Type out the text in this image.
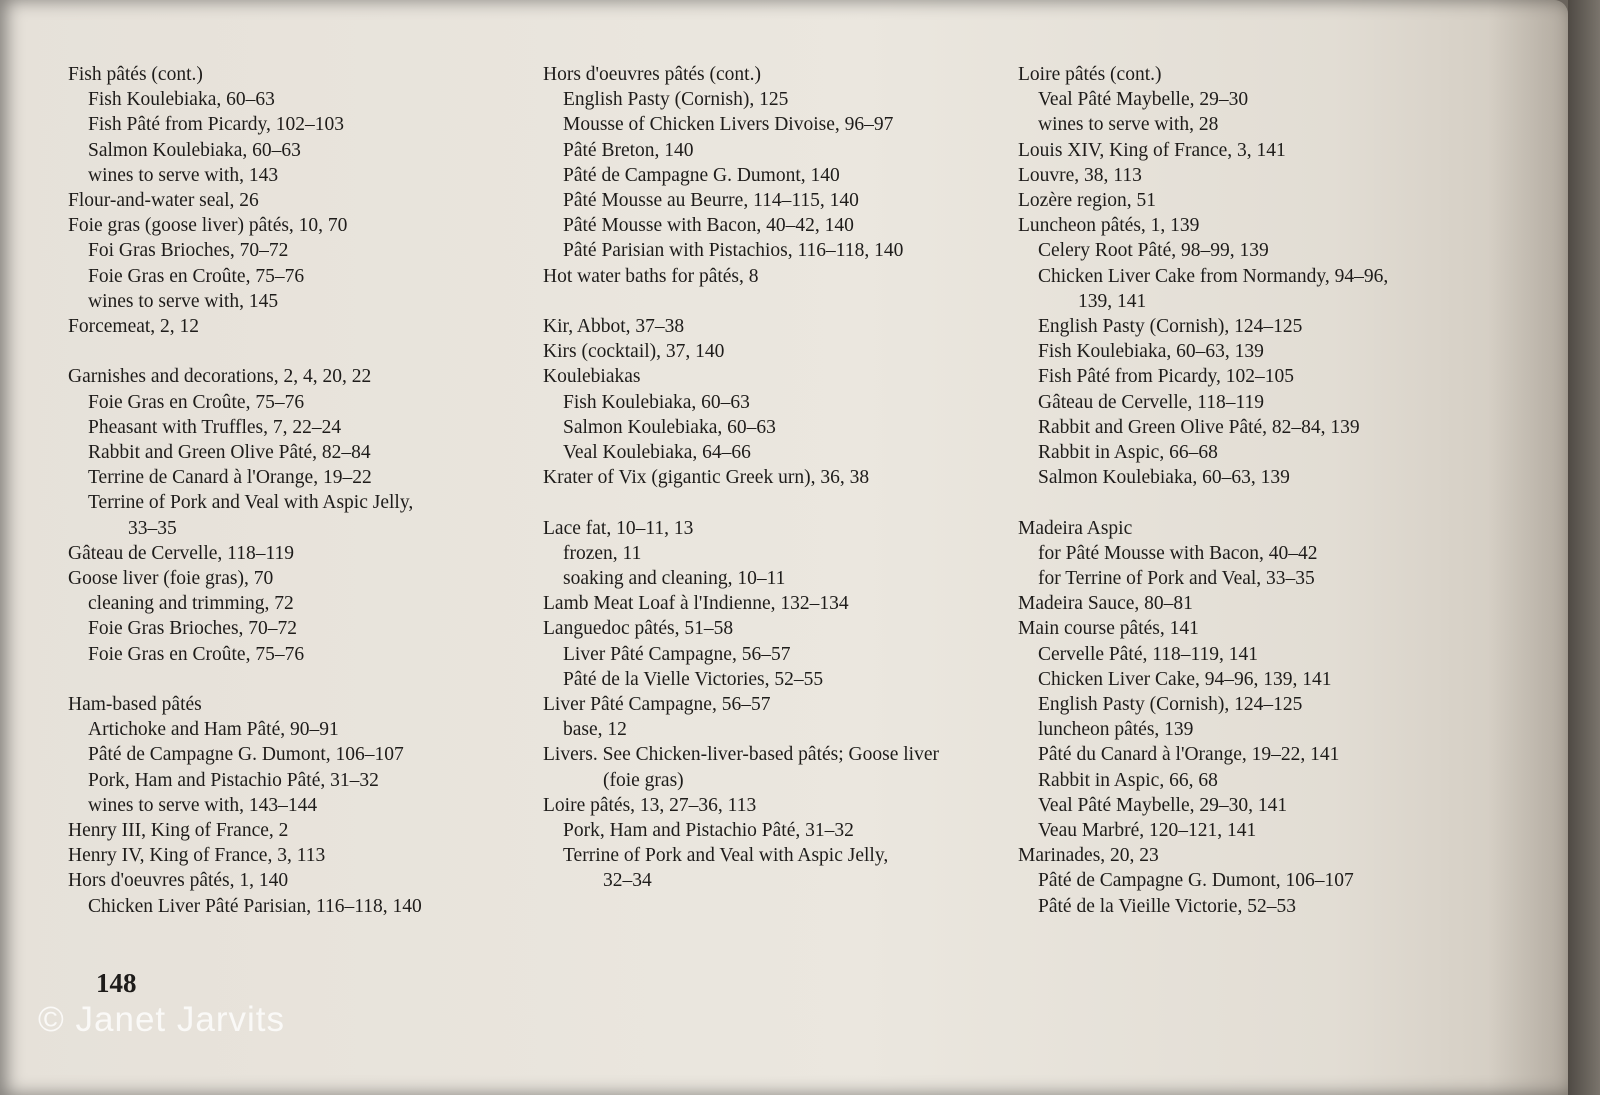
Fish pâtés (cont.)
Fish Koulebiaka, 60–63
Fish Pâté from Picardy, 102–103
Salmon Koulebiaka, 60–63
wines to serve with, 143
Flour-and-water seal, 26
Foie gras (goose liver) pâtés, 10, 70
Foi Gras Brioches, 70–72
Foie Gras en Croûte, 75–76
wines to serve with, 145
Forcemeat, 2, 12
Garnishes and decorations, 2, 4, 20, 22
Foie Gras en Croûte, 75–76
Pheasant with Truffles, 7, 22–24
Rabbit and Green Olive Pâté, 82–84
Terrine de Canard à l'Orange, 19–22
Terrine of Pork and Veal with Aspic Jelly,
33–35
Gâteau de Cervelle, 118–119
Goose liver (foie gras), 70
cleaning and trimming, 72
Foie Gras Brioches, 70–72
Foie Gras en Croûte, 75–76
Ham-based pâtés
Artichoke and Ham Pâté, 90–91
Pâté de Campagne G. Dumont, 106–107
Pork, Ham and Pistachio Pâté, 31–32
wines to serve with, 143–144
Henry III, King of France, 2
Henry IV, King of France, 3, 113
Hors d'oeuvres pâtés, 1, 140
Chicken Liver Pâté Parisian, 116–118, 140
Hors d'oeuvres pâtés (cont.)
English Pasty (Cornish), 125
Mousse of Chicken Livers Divoise, 96–97
Pâté Breton, 140
Pâté de Campagne G. Dumont, 140
Pâté Mousse au Beurre, 114–115, 140
Pâté Mousse with Bacon, 40–42, 140
Pâté Parisian with Pistachios, 116–118, 140
Hot water baths for pâtés, 8
Kir, Abbot, 37–38
Kirs (cocktail), 37, 140
Koulebiakas
Fish Koulebiaka, 60–63
Salmon Koulebiaka, 60–63
Veal Koulebiaka, 64–66
Krater of Vix (gigantic Greek urn), 36, 38
Lace fat, 10–11, 13
frozen, 11
soaking and cleaning, 10–11
Lamb Meat Loaf à l'Indienne, 132–134
Languedoc pâtés, 51–58
Liver Pâté Campagne, 56–57
Pâté de la Vielle Victories, 52–55
Liver Pâté Campagne, 56–57
base, 12
Livers. See Chicken-liver-based pâtés; Goose liver
(foie gras)
Loire pâtés, 13, 27–36, 113
Pork, Ham and Pistachio Pâté, 31–32
Terrine of Pork and Veal with Aspic Jelly,
32–34
Loire pâtés (cont.)
Veal Pâté Maybelle, 29–30
wines to serve with, 28
Louis XIV, King of France, 3, 141
Louvre, 38, 113
Lozère region, 51
Luncheon pâtés, 1, 139
Celery Root Pâté, 98–99, 139
Chicken Liver Cake from Normandy, 94–96,
139, 141
English Pasty (Cornish), 124–125
Fish Koulebiaka, 60–63, 139
Fish Pâté from Picardy, 102–105
Gâteau de Cervelle, 118–119
Rabbit and Green Olive Pâté, 82–84, 139
Rabbit in Aspic, 66–68
Salmon Koulebiaka, 60–63, 139
Madeira Aspic
for Pâté Mousse with Bacon, 40–42
for Terrine of Pork and Veal, 33–35
Madeira Sauce, 80–81
Main course pâtés, 141
Cervelle Pâté, 118–119, 141
Chicken Liver Cake, 94–96, 139, 141
English Pasty (Cornish), 124–125
luncheon pâtés, 139
Pâté du Canard à l'Orange, 19–22, 141
Rabbit in Aspic, 66, 68
Veal Pâté Maybelle, 29–30, 141
Veau Marbré, 120–121, 141
Marinades, 20, 23
Pâté de Campagne G. Dumont, 106–107
Pâté de la Vieille Victorie, 52–53
148
© Janet Jarvits
